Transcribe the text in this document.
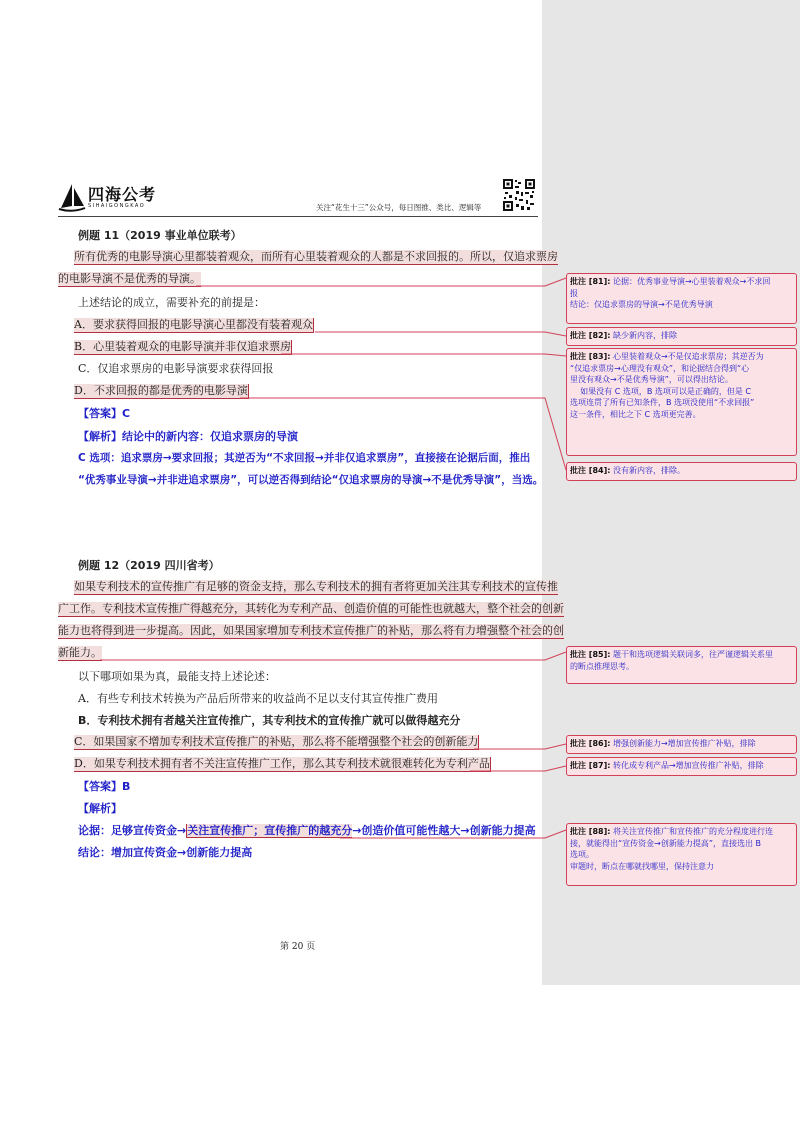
四海公考
SIHAIGONGKAO	关注“花生十三”公众号，每日图推、类比、逻辑等
例题 11（2019 事业单位联考）
所有优秀的电影导演心里都装着观众，而所有心里装着观众的人都是不求回报的。所以，仅追求票房
的电影导演不是优秀的导演。
上述结论的成立，需要补充的前提是：
A．要求获得回报的电影导演心里都没有装着观众
B．心里装着观众的电影导演并非仅追求票房
C．仅追求票房的电影导演要求获得回报
D．不求回报的都是优秀的电影导演
【答案】C
【解析】结论中的新内容：仅追求票房的导演
C 选项：追求票房→要求回报；其逆否为“不求回报→并非仅追求票房”，直接接在论据后面，推出
“优秀事业导演→并非进追求票房”，可以逆否得到结论“仅追求票房的导演→不是优秀导演”，当选。
例题 12（2019 四川省考）
如果专利技术的宣传推广有足够的资金支持，那么专利技术的拥有者将更加关注其专利技术的宣传推
广工作。专利技术宣传推广得越充分，其转化为专利产品、创造价值的可能性也就越大，整个社会的创新
能力也将得到进一步提高。因此，如果国家增加专利技术宣传推广的补贴，那么将有力增强整个社会的创
新能力。
以下哪项如果为真，最能支持上述论述：
A．有些专利技术转换为产品后所带来的收益尚不足以支付其宣传推广费用
B．专利技术拥有者越关注宣传推广，其专利技术的宣传推广就可以做得越充分
C．如果国家不增加专利技术宣传推广的补贴，那么将不能增强整个社会的创新能力
D．如果专利技术拥有者不关注宣传推广工作，那么其专利技术就很难转化为专利产品
【答案】B
【解析】
论据：足够宣传资金→关注宣传推广；宣传推广的越充分→创造价值可能性越大→创新能力提高
结论：增加宣传资金→创新能力提高
批注 [81]: 论据：优秀事业导演→心里装着观众→不求回
报
结论：仅追求票房的导演→不是优秀导演
批注 [82]: 缺少新内容，排除
批注 [83]: 心里装着观众→不是仅追求票房；其逆否为
“仅追求票房→心理没有观众”，和论据结合得到“心
里没有观众→不是优秀导演”，可以得出结论。
如果没有 C 选项，B 选项可以是正确的，但是 C
选项连贯了所有已知条件，B 选项没使用“不求回报”
这一条件，相比之下 C 选项更完善。
批注 [84]: 没有新内容，排除。
批注 [85]: 题干和选项逻辑关联词多，往严谨逻辑关系里
的断点推理思考。
批注 [86]: 增强创新能力→增加宣传推广补贴，排除
批注 [87]: 转化成专利产品→增加宣传推广补贴，排除
批注 [88]: 将关注宣传推广和宣传推广的充分程度进行连
接，就能得出“宣传资金→创新能力提高”，直接选出 B
选项。
审题时，断点在哪就找哪里，保持注意力
第 20 页
